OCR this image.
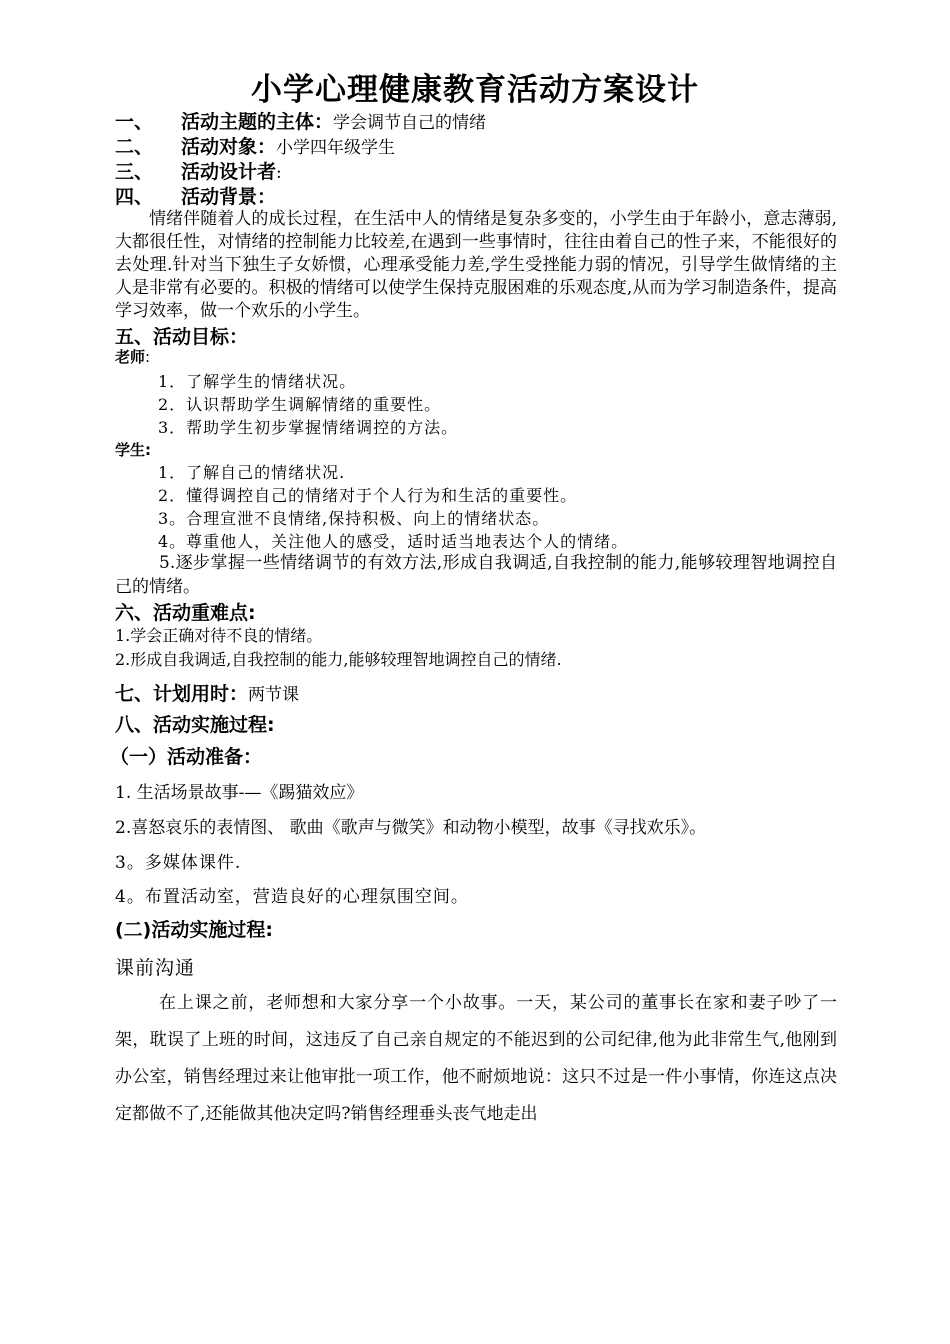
小学心理健康教育活动方案设计
一、 活动主题的主体：学会调节自己的情绪
二、 活动对象：小学四年级学生
三、 活动设计者:
四、 活动背景：
情绪伴随着人的成长过程，在生活中人的情绪是复杂多变的，小学生由于年龄小，意志薄弱,大都很任性，对情绪的控制能力比较差,在遇到一些事情时，往往由着自己的性子来，不能很好的去处理.针对当下独生子女娇惯，心理承受能力差,学生受挫能力弱的情况，引导学生做情绪的主人是非常有必要的。积极的情绪可以使学生保持克服困难的乐观态度,从而为学习制造条件，提高学习效率，做一个欢乐的小学生。
五、活动目标：
老师:
1．了解学生的情绪状况。
2．认识帮助学生调解情绪的重要性。
3．帮助学生初步掌握情绪调控的方法。
学生:
1．了解自己的情绪状况.
2．懂得调控自己的情绪对于个人行为和生活的重要性。
3。合理宣泄不良情绪,保持积极、向上的情绪状态。
4。尊重他人，关注他人的感受，适时适当地表达个人的情绪。
5.逐步掌握一些情绪调节的有效方法,形成自我调适,自我控制的能力,能够较理智地调控自己的情绪。
六、活动重难点:
1.学会正确对待不良的情绪。
2.形成自我调适,自我控制的能力,能够较理智地调控自己的情绪.
七、计划用时：两节课
八、活动实施过程:
（一）活动准备：
1. 生活场景故事-—《踢猫效应》
2.喜怒哀乐的表情图、 歌曲《歌声与微笑》和动物小模型，故事《寻找欢乐》。
3。多媒体课件.
4。布置活动室，营造良好的心理氛围空间。
(二)活动实施过程:
课前沟通
在上课之前，老师想和大家分享一个小故事。一天，某公司的董事长在家和妻子吵了一架，耽误了上班的时间，这违反了自己亲自规定的不能迟到的公司纪律,他为此非常生气,他刚到办公室，销售经理过来让他审批一项工作，他不耐烦地说：这只不过是一件小事情，你连这点决定都做不了,还能做其他决定吗?销售经理垂头丧气地走出
